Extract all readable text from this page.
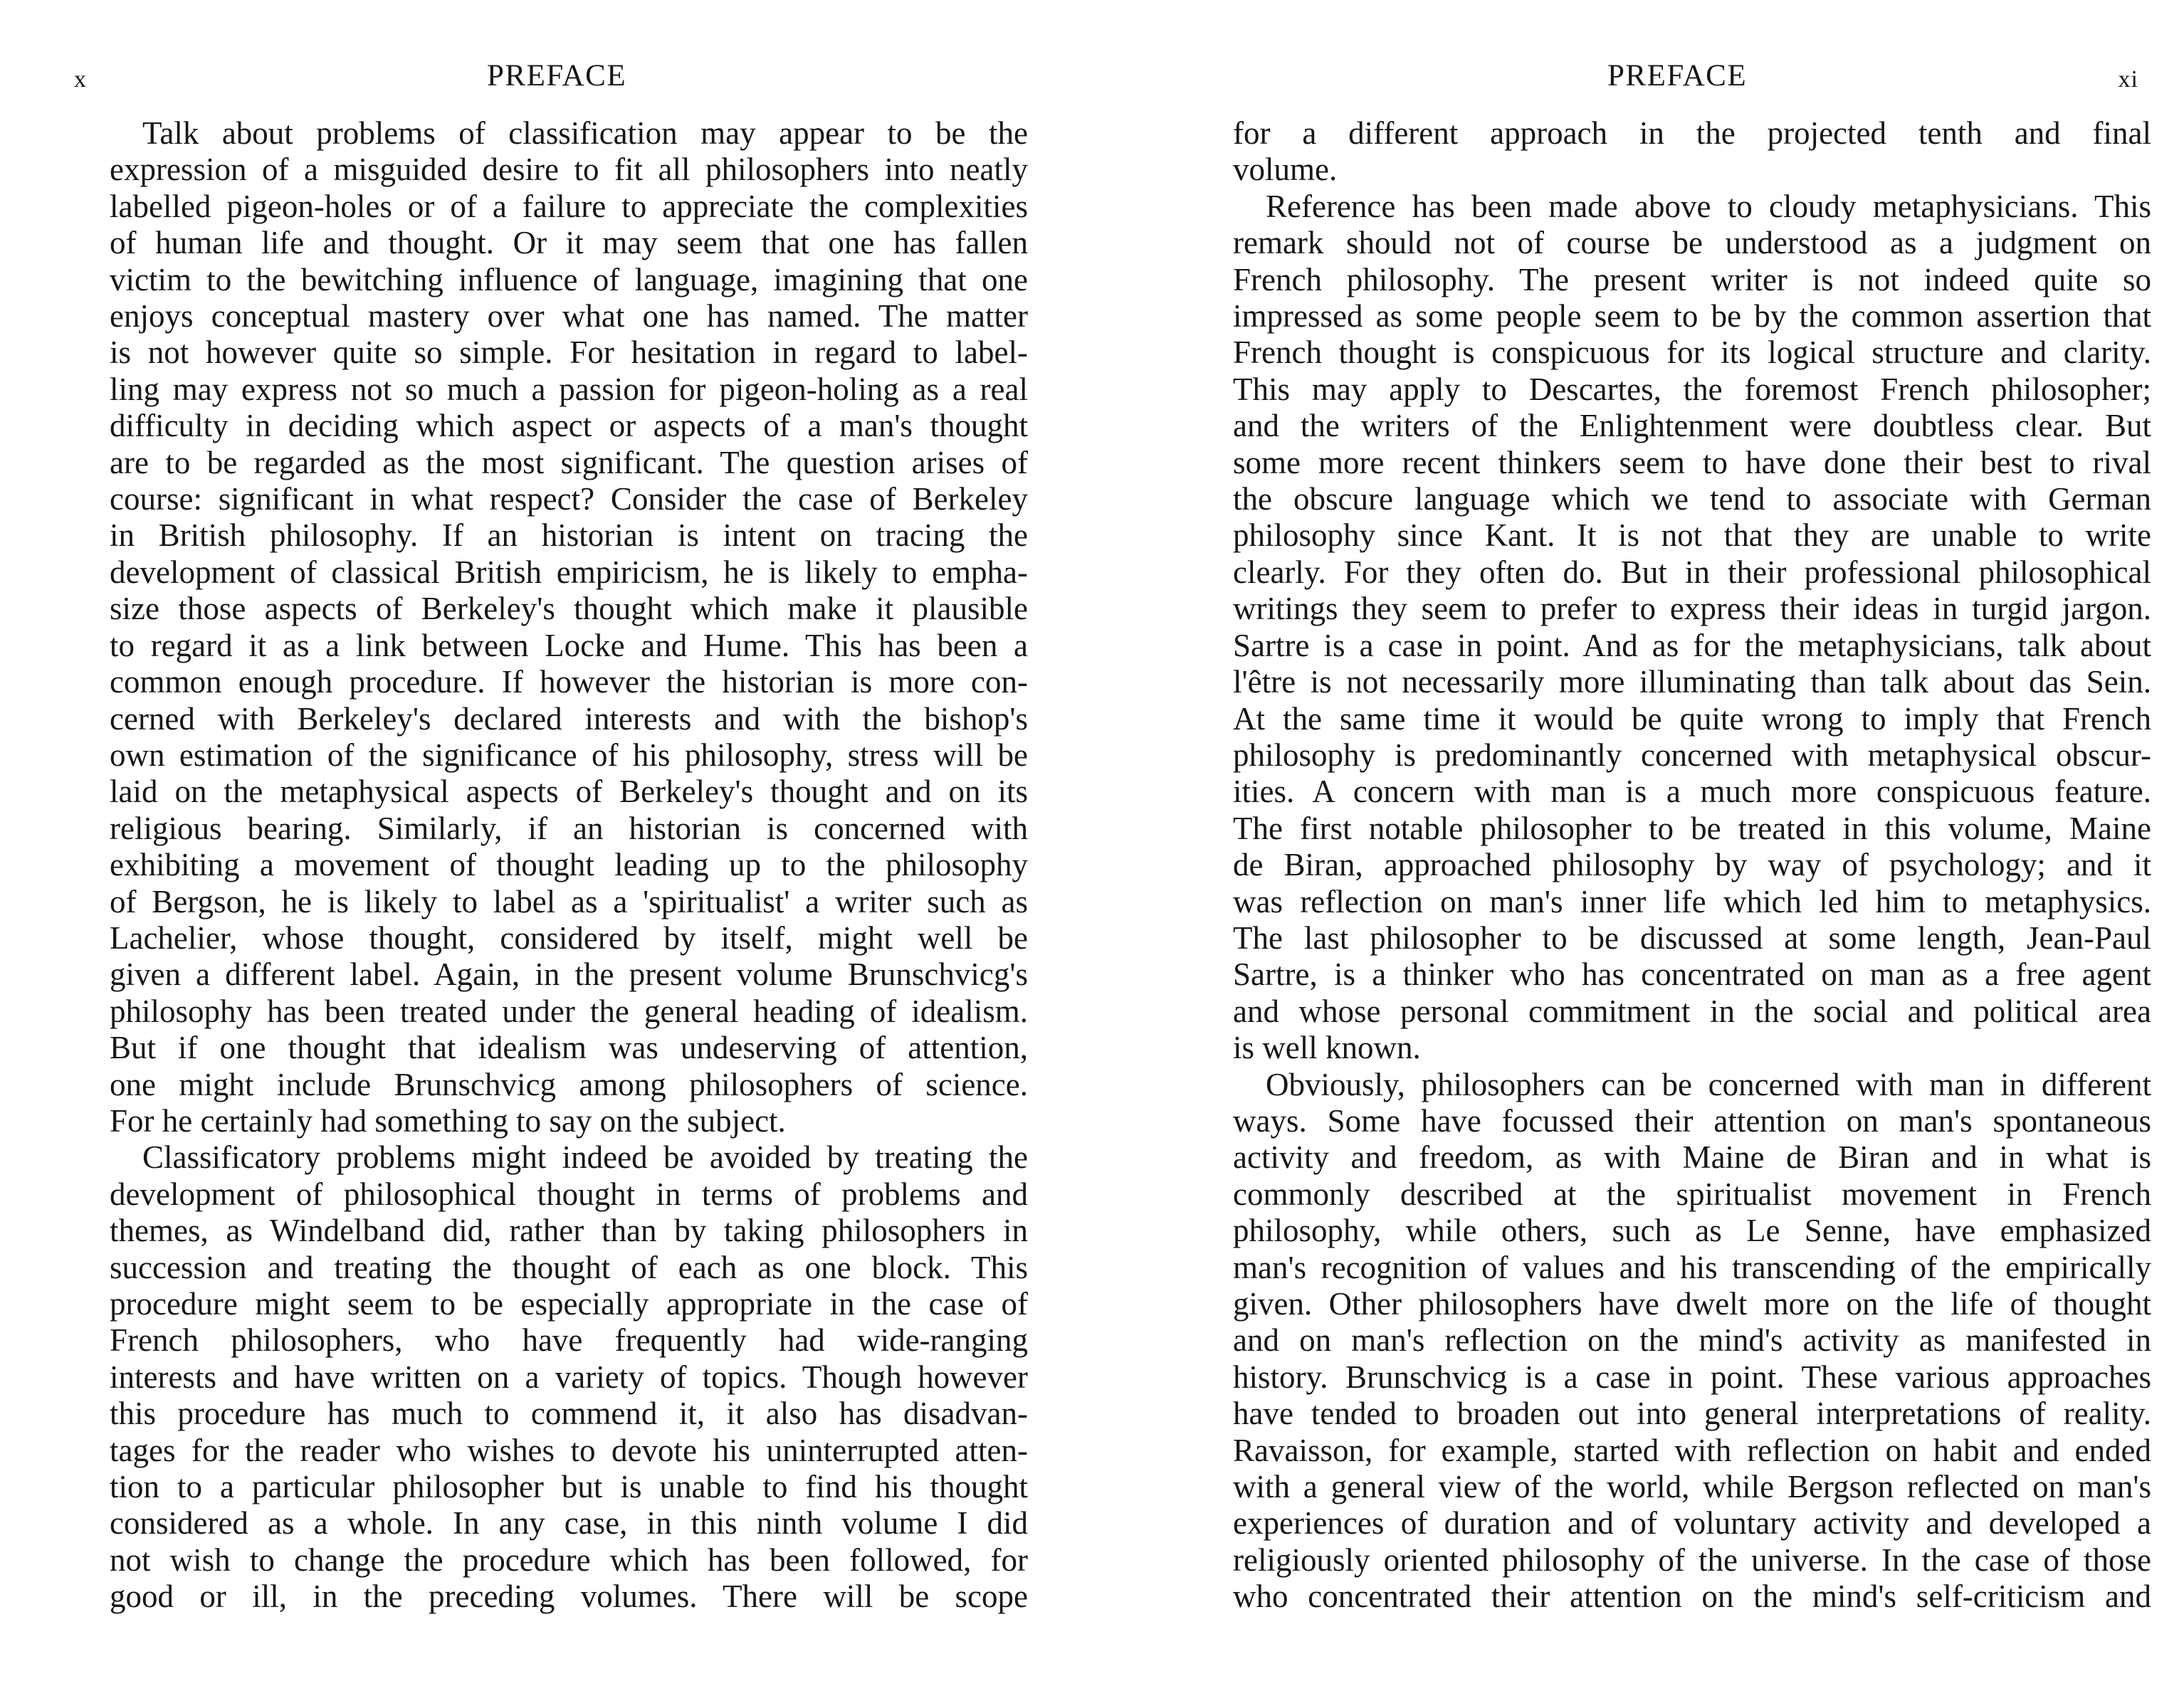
x	PREFACE

Talk about problems of classification may appear to be the

expression of a misguided desire to fit all philosophers into neatly

labelled pigeon-holes or of a failure to appreciate the complexities

of human life and thought. Or it may seem that one has fallen

victim to the bewitching influence of language, imagining that one

enjoys conceptual mastery over what one has named. The matter

is not however quite so simple. For hesitation in regard to label-

ling may express not so much a passion for pigeon-holing as a real

difficulty in deciding which aspect or aspects of a man's thought

are to be regarded as the most significant. The question arises of

course: significant in what respect? Consider the case of Berkeley

in British philosophy. If an historian is intent on tracing the

development of classical British empiricism, he is likely to empha-

size those aspects of Berkeley's thought which make it plausible

to regard it as a link between Locke and Hume. This has been a

common enough procedure. If however the historian is more con-

cerned with Berkeley's declared interests and with the bishop's

own estimation of the significance of his philosophy, stress will be

laid on the metaphysical aspects of Berkeley's thought and on its

religious bearing. Similarly, if an historian is concerned with

exhibiting a movement of thought leading up to the philosophy

of Bergson, he is likely to label as a 'spiritualist' a writer such as

Lachelier, whose thought, considered by itself, might well be

given a different label. Again, in the present volume Brunschvicg's

philosophy has been treated under the general heading of idealism.

But if one thought that idealism was undeserving of attention,

one might include Brunschvicg among philosophers of science.

For he certainly had something to say on the subject.

Classificatory problems might indeed be avoided by treating the

development of philosophical thought in terms of problems and

themes, as Windelband did, rather than by taking philosophers in

succession and treating the thought of each as one block. This

procedure might seem to be especially appropriate in the case of

French philosophers, who have frequently had wide-ranging

interests and have written on a variety of topics. Though however

this procedure has much to commend it, it also has disadvan-

tages for the reader who wishes to devote his uninterrupted atten-

tion to a particular philosopher but is unable to find his thought

considered as a whole. In any case, in this ninth volume I did

not wish to change the procedure which has been followed, for

good or ill, in the preceding volumes. There will be scope

PREFACE	xi

for a different approach in the projected tenth and final

volume.

Reference has been made above to cloudy metaphysicians. This

remark should not of course be understood as a judgment on

French philosophy. The present writer is not indeed quite so

impressed as some people seem to be by the common assertion that

French thought is conspicuous for its logical structure and clarity.

This may apply to Descartes, the foremost French philosopher;

and the writers of the Enlightenment were doubtless clear. But

some more recent thinkers seem to have done their best to rival

the obscure language which we tend to associate with German

philosophy since Kant. It is not that they are unable to write

clearly. For they often do. But in their professional philosophical

writings they seem to prefer to express their ideas in turgid jargon.

Sartre is a case in point. And as for the metaphysicians, talk about

l'être is not necessarily more illuminating than talk about das Sein.

At the same time it would be quite wrong to imply that French

philosophy is predominantly concerned with metaphysical obscur-

ities. A concern with man is a much more conspicuous feature.

The first notable philosopher to be treated in this volume, Maine

de Biran, approached philosophy by way of psychology; and it

was reflection on man's inner life which led him to metaphysics.

The last philosopher to be discussed at some length, Jean-Paul

Sartre, is a thinker who has concentrated on man as a free agent

and whose personal commitment in the social and political area

is well known.

Obviously, philosophers can be concerned with man in different

ways. Some have focussed their attention on man's spontaneous

activity and freedom, as with Maine de Biran and in what is

commonly described at the spiritualist movement in French

philosophy, while others, such as Le Senne, have emphasized

man's recognition of values and his transcending of the empirically

given. Other philosophers have dwelt more on the life of thought

and on man's reflection on the mind's activity as manifested in

history. Brunschvicg is a case in point. These various approaches

have tended to broaden out into general interpretations of reality.

Ravaisson, for example, started with reflection on habit and ended

with a general view of the world, while Bergson reflected on man's

experiences of duration and of voluntary activity and developed a

religiously oriented philosophy of the universe. In the case of those

who concentrated their attention on the mind's self-criticism and
